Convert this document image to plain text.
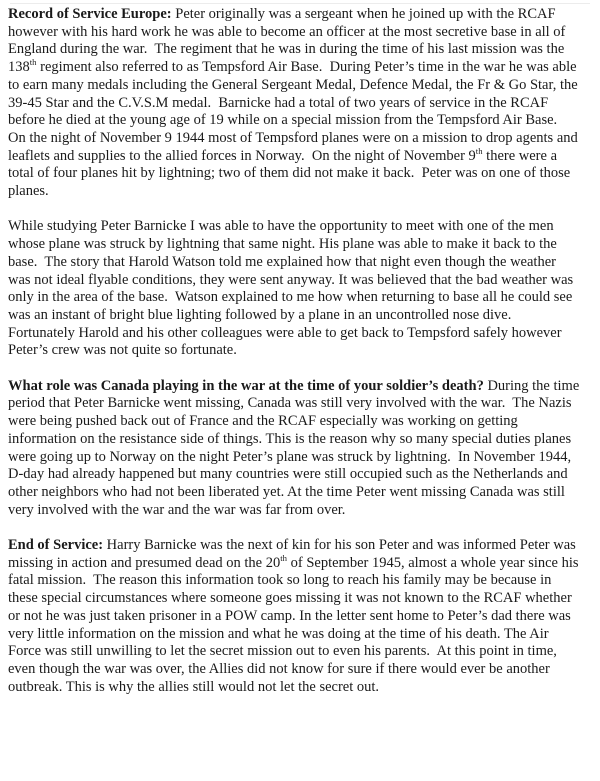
Record of Service Europe: Peter originally was a sergeant when he joined up with the RCAF however with his hard work he was able to become an officer at the most secretive base in all of England during the war.  The regiment that he was in during the time of his last mission was the 138th regiment also referred to as Tempsford Air Base.  During Peter’s time in the war he was able to earn many medals including the General Sergeant Medal, Defence Medal, the Fr & Go Star, the 39-45 Star and the C.V.S.M medal.  Barnicke had a total of two years of service in the RCAF before he died at the young age of 19 while on a special mission from the Tempsford Air Base.  On the night of November 9 1944 most of Tempsford planes were on a mission to drop agents and leaflets and supplies to the allied forces in Norway.  On the night of November 9th there were a total of four planes hit by lightning; two of them did not make it back.  Peter was on one of those planes.

While studying Peter Barnicke I was able to have the opportunity to meet with one of the men whose plane was struck by lightning that same night. His plane was able to make it back to the base.  The story that Harold Watson told me explained how that night even though the weather was not ideal flyable conditions, they were sent anyway. It was believed that the bad weather was only in the area of the base.  Watson explained to me how when returning to base all he could see was an instant of bright blue lighting followed by a plane in an uncontrolled nose dive.  Fortunately Harold and his other colleagues were able to get back to Tempsford safely however Peter’s crew was not quite so fortunate.

What role was Canada playing in the war at the time of your soldier’s death? During the time period that Peter Barnicke went missing, Canada was still very involved with the war.  The Nazis were being pushed back out of France and the RCAF especially was working on getting information on the resistance side of things. This is the reason why so many special duties planes were going up to Norway on the night Peter’s plane was struck by lightning.  In November 1944, D-day had already happened but many countries were still occupied such as the Netherlands and other neighbors who had not been liberated yet. At the time Peter went missing Canada was still very involved with the war and the war was far from over.

End of Service: Harry Barnicke was the next of kin for his son Peter and was informed Peter was missing in action and presumed dead on the 20th of September 1945, almost a whole year since his fatal mission.  The reason this information took so long to reach his family may be because in these special circumstances where someone goes missing it was not known to the RCAF whether or not he was just taken prisoner in a POW camp. In the letter sent home to Peter’s dad there was very little information on the mission and what he was doing at the time of his death. The Air Force was still unwilling to let the secret mission out to even his parents.  At this point in time, even though the war was over, the Allies did not know for sure if there would ever be another outbreak. This is why the allies still would not let the secret out.
